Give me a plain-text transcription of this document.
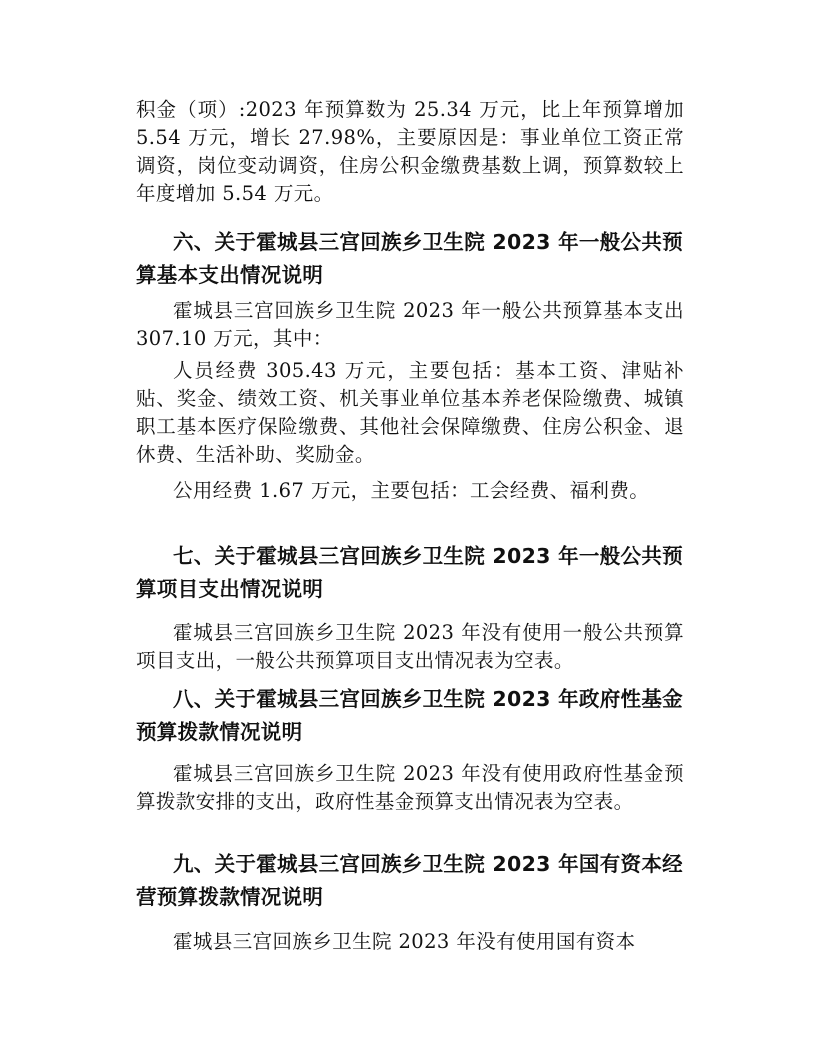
积金（项）:2023 年预算数为 25.34 万元，比上年预算增加 5.54 万元，增长 27.98%，主要原因是：事业单位工资正常调资，岗位变动调资，住房公积金缴费基数上调，预算数较上年度增加 5.54 万元。

六、关于霍城县三宫回族乡卫生院 2023 年一般公共预算基本支出情况说明

霍城县三宫回族乡卫生院 2023 年一般公共预算基本支出 307.10 万元，其中：

人员经费 305.43 万元，主要包括：基本工资、津贴补贴、奖金、绩效工资、机关事业单位基本养老保险缴费、城镇职工基本医疗保险缴费、其他社会保障缴费、住房公积金、退休费、生活补助、奖励金。

公用经费 1.67 万元，主要包括：工会经费、福利费。

七、关于霍城县三宫回族乡卫生院 2023 年一般公共预算项目支出情况说明

霍城县三宫回族乡卫生院 2023 年没有使用一般公共预算项目支出，一般公共预算项目支出情况表为空表。

八、关于霍城县三宫回族乡卫生院 2023 年政府性基金预算拨款情况说明

霍城县三宫回族乡卫生院 2023 年没有使用政府性基金预算拨款安排的支出，政府性基金预算支出情况表为空表。

九、关于霍城县三宫回族乡卫生院 2023 年国有资本经营预算拨款情况说明

霍城县三宫回族乡卫生院 2023 年没有使用国有资本
